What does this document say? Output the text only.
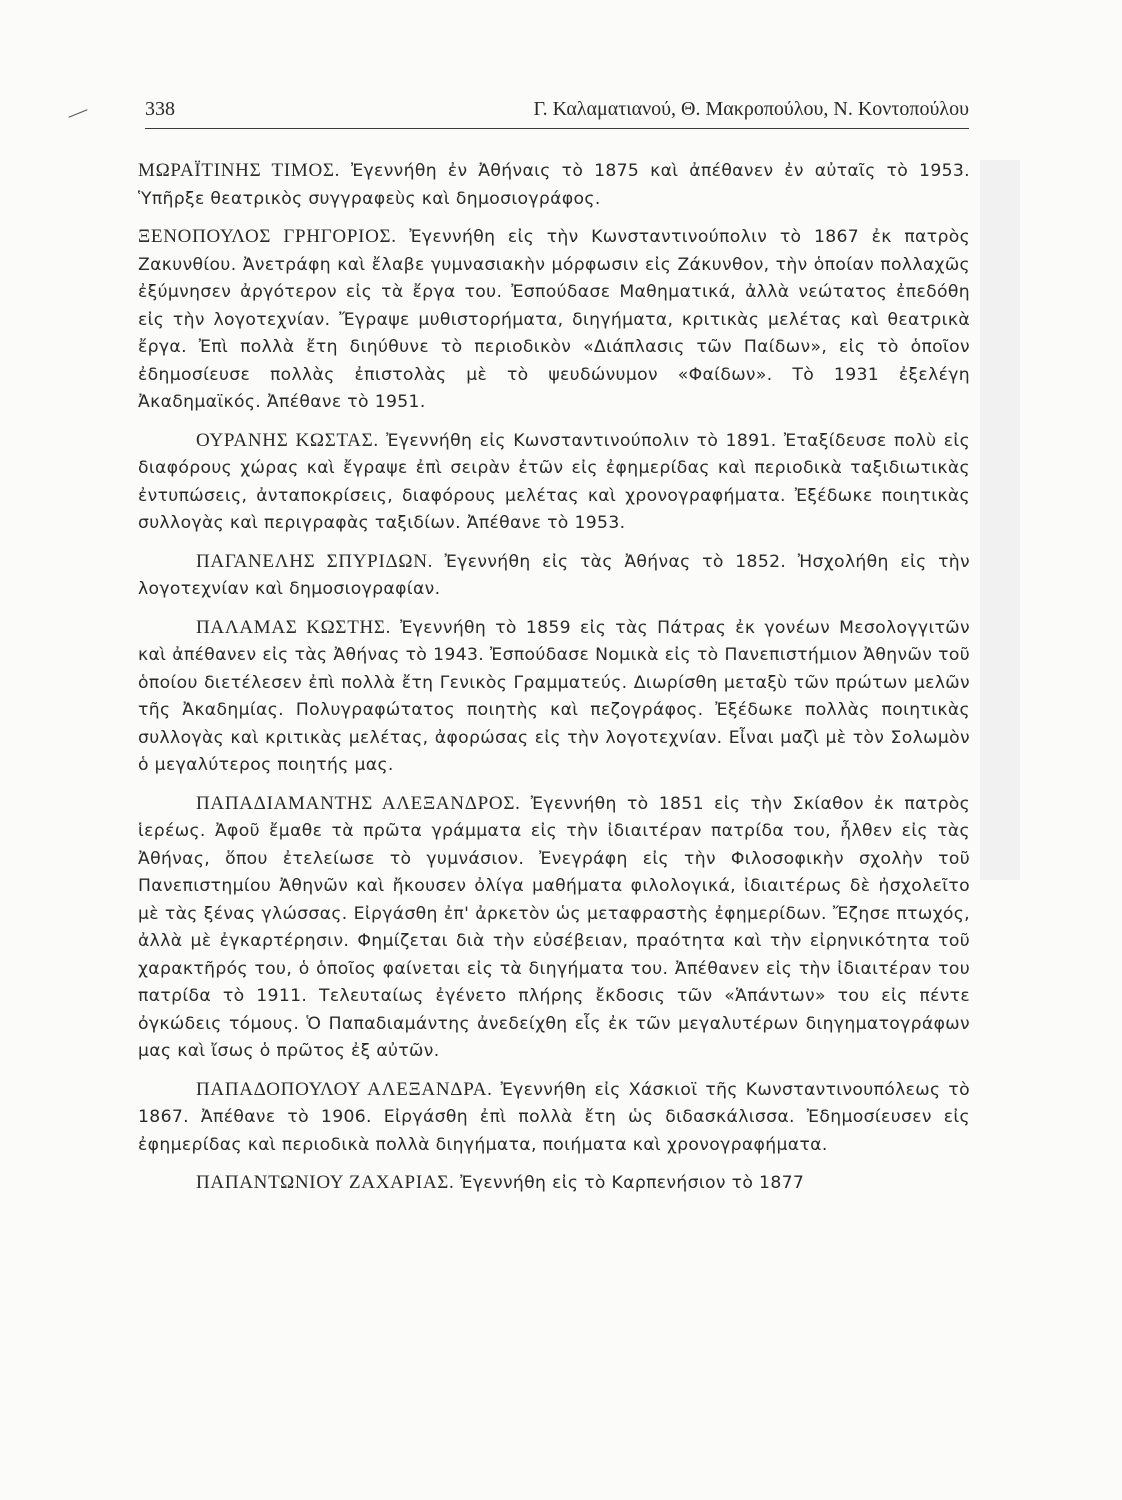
338	Γ. Καλαματιανού, Θ. Μακροπούλου, Ν. Κοντοπούλου

ΜΩΡΑΪΤΙΝΗΣ ΤΙΜΟΣ. Ἐγεννήθη ἐν Ἀθήναις τὸ 1875 καὶ ἀπέθανεν ἐν αὐταῖς τὸ 1953. Ὑπῆρξε θεατρικὸς συγγραφεὺς καὶ δημοσιογράφος.

ΞΕΝΟΠΟΥΛΟΣ ΓΡΗΓΟΡΙΟΣ. Ἐγεννήθη εἰς τὴν Κωνσταντινούπολιν τὸ 1867 ἐκ πατρὸς Ζακυνθίου. Ἀνετράφη καὶ ἔλαβε γυμνασιακὴν μόρφωσιν εἰς Ζάκυνθον, τὴν ὁποίαν πολλαχῶς ἐξύμνησεν ἀργότερον εἰς τὰ ἔργα του. Ἐσπούδασε Μαθηματικά, ἀλλὰ νεώτατος ἐπεδόθη εἰς τὴν λογοτεχνίαν. Ἔγραψε μυθιστορήματα, διηγήματα, κριτικὰς μελέτας καὶ θεατρικὰ ἔργα. Ἐπὶ πολλὰ ἔτη διηύθυνε τὸ περιοδικὸν «Διάπλασις τῶν Παίδων», εἰς τὸ ὁποῖον ἐδημοσίευσε πολλὰς ἐπιστολὰς μὲ τὸ ψευδώνυμον «Φαίδων». Τὸ 1931 ἐξελέγη Ἀκαδημαϊκός. Ἀπέθανε τὸ 1951.

ΟΥΡΑΝΗΣ ΚΩΣΤΑΣ. Ἐγεννήθη εἰς Κωνσταντινούπολιν τὸ 1891. Ἐταξίδευσε πολὺ εἰς διαφόρους χώρας καὶ ἔγραψε ἐπὶ σειρὰν ἐτῶν εἰς ἐφημερίδας καὶ περιοδικὰ ταξιδιωτικὰς ἐντυπώσεις, ἀνταποκρίσεις, διαφόρους μελέτας καὶ χρονογραφήματα. Ἐξέδωκε ποιητικὰς συλλογὰς καὶ περιγραφὰς ταξιδίων. Ἀπέθανε τὸ 1953.

ΠΑΓΑΝΕΛΗΣ ΣΠΥΡΙΔΩΝ. Ἐγεννήθη εἰς τὰς Ἀθήνας τὸ 1852. Ἠσχολήθη εἰς τὴν λογοτεχνίαν καὶ δημοσιογραφίαν.

ΠΑΛΑΜΑΣ ΚΩΣΤΗΣ. Ἐγεννήθη τὸ 1859 εἰς τὰς Πάτρας ἐκ γονέων Μεσολογγιτῶν καὶ ἀπέθανεν εἰς τὰς Ἀθήνας τὸ 1943. Ἐσπούδασε Νομικὰ εἰς τὸ Πανεπιστήμιον Ἀθηνῶν τοῦ ὁποίου διετέλεσεν ἐπὶ πολλὰ ἔτη Γενικὸς Γραμματεύς. Διωρίσθη μεταξὺ τῶν πρώτων μελῶν τῆς Ἀκαδημίας. Πολυγραφώτατος ποιητὴς καὶ πεζογράφος. Ἐξέδωκε πολλὰς ποιητικὰς συλλογὰς καὶ κριτικὰς μελέτας, ἀφορώσας εἰς τὴν λογοτεχνίαν. Εἶναι μαζὶ μὲ τὸν Σολωμὸν ὁ μεγαλύτερος ποιητής μας.

ΠΑΠΑΔΙΑΜΑΝΤΗΣ ΑΛΕΞΑΝΔΡΟΣ. Ἐγεννήθη τὸ 1851 εἰς τὴν Σκίαθον ἐκ πατρὸς ἱερέως. Ἀφοῦ ἔμαθε τὰ πρῶτα γράμματα εἰς τὴν ἰδιαιτέραν πατρίδα του, ἦλθεν εἰς τὰς Ἀθήνας, ὅπου ἐτελείωσε τὸ γυμνάσιον. Ἐνεγράφη εἰς τὴν Φιλοσοφικὴν σχολὴν τοῦ Πανεπιστημίου Ἀθηνῶν καὶ ἤκουσεν ὀλίγα μαθήματα φιλολογικά, ἰδιαιτέρως δὲ ἠσχολεῖτο μὲ τὰς ξένας γλώσσας. Εἰργάσθη ἐπ' ἀρκετὸν ὡς μεταφραστὴς ἐφημερίδων. Ἔζησε πτωχός, ἀλλὰ μὲ ἐγκαρτέρησιν. Φημίζεται διὰ τὴν εὐσέβειαν, πραότητα καὶ τὴν εἰρηνικότητα τοῦ χαρακτῆρός του, ὁ ὁποῖος φαίνεται εἰς τὰ διηγήματα του. Ἀπέθανεν εἰς τὴν ἰδιαιτέραν του πατρίδα τὸ 1911. Τελευταίως ἐγένετο πλήρης ἔκδοσις τῶν «Ἁπάντων» του εἰς πέντε ὀγκώδεις τόμους. Ὁ Παπαδιαμάντης ἀνεδείχθη εἷς ἐκ τῶν μεγαλυτέρων διηγηματογράφων μας καὶ ἴσως ὁ πρῶτος ἐξ αὐτῶν.

ΠΑΠΑΔΟΠΟΥΛΟΥ ΑΛΕΞΑΝΔΡΑ. Ἐγεννήθη εἰς Χάσκιοϊ τῆς Κωνσταντινουπόλεως τὸ 1867. Ἀπέθανε τὸ 1906. Εἰργάσθη ἐπὶ πολλὰ ἔτη ὡς διδασκάλισσα. Ἐδημοσίευσεν εἰς ἐφημερίδας καὶ περιοδικὰ πολλὰ διηγήματα, ποιήματα καὶ χρονογραφήματα.

ΠΑΠΑΝΤΩΝΙΟΥ ΖΑΧΑΡΙΑΣ. Ἐγεννήθη εἰς τὸ Καρπενήσιον τὸ 1877
